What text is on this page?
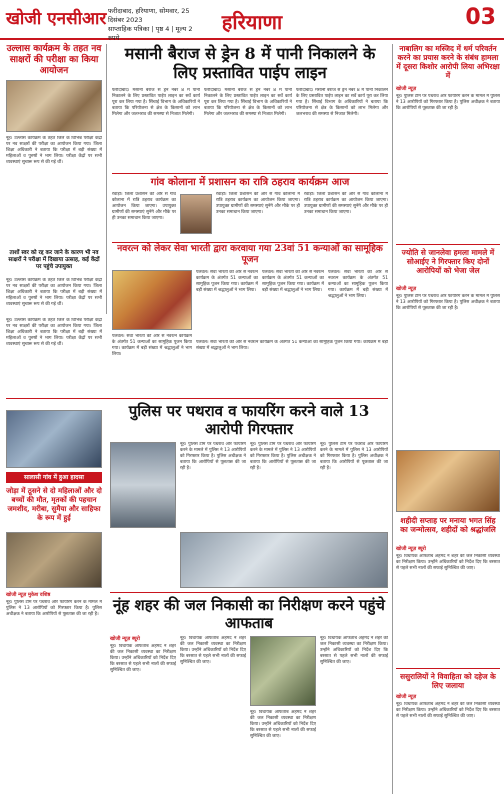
खोजी एनसीआर फरीदाबाद, हरियाणा, सोमवार, 25 दिसंबर 2023
साप्ताहिक पत्रिका | पृष्ठ 4 | मूल्य 2 रुपये
हरियाणा	03
उल्लास कार्यक्रम के तहत नव साक्षरों की परीक्षा का किया आयोजन
नूंह। उल्लास कार्यक्रम के तहत जिले के विभिन्न परीक्षा केंद्रों पर नव साक्षरों की परीक्षा का आयोजन किया गया। जिला शिक्षा अधिकारी ने बताया कि परीक्षा में बड़ी संख्या में महिलाओं व पुरुषों ने भाग लिया। परीक्षा केंद्रों पर सभी व्यवस्थाएं सुचारू रूप से की गई थीं।
ताशों स्वर को रद्द कर जाने के कारण भी नव साक्षरों ने परीक्षा में दिखाया उत्साह, कई केंद्रों पर पहुंचे उपायुक्त
नूंह। उल्लास कार्यक्रम के तहत जिले के विभिन्न परीक्षा केंद्रों पर नव साक्षरों की परीक्षा का आयोजन किया गया। जिला शिक्षा अधिकारी ने बताया कि परीक्षा में बड़ी संख्या में महिलाओं व पुरुषों ने भाग लिया। परीक्षा केंद्रों पर सभी व्यवस्थाएं सुचारू रूप से की गई थीं।
मसानी बैराज से ड्रेन 8 में पानी निकालने के लिए प्रस्तावित पाईप लाइन
फरीदाबाद। मसानी बैराज से ड्रेन नंबर 8 में पानी निकालने के लिए प्रस्तावित पाईप लाइन का सर्वे कार्य पूरा कर लिया गया है। सिंचाई विभाग के अधिकारियों ने बताया कि परियोजना से क्षेत्र के किसानों को लाभ मिलेगा और जलभराव की समस्या से निजात मिलेगी।
फरीदाबाद। मसानी बैराज से ड्रेन नंबर 8 में पानी निकालने के लिए प्रस्तावित पाईप लाइन का सर्वे कार्य पूरा कर लिया गया है। सिंचाई विभाग के अधिकारियों ने बताया कि परियोजना से क्षेत्र के किसानों को लाभ मिलेगा और जलभराव की समस्या से निजात मिलेगी।
फरीदाबाद। मसानी बैराज से ड्रेन नंबर 8 में पानी निकालने के लिए प्रस्तावित पाईप लाइन का सर्वे कार्य पूरा कर लिया गया है। सिंचाई विभाग के अधिकारियों ने बताया कि परियोजना से क्षेत्र के किसानों को लाभ मिलेगा और जलभराव की समस्या से निजात मिलेगी।
गांव कोलाना में प्रशासन का रात्रि ठहराव कार्यक्रम आज
रेवाड़ी। जिला प्रशासन की ओर से गांव कोलाना में रात्रि ठहराव कार्यक्रम का आयोजन किया जाएगा। उपायुक्त ग्रामीणों की समस्याएं सुनेंगे और मौके पर ही उनका समाधान किया जाएगा।
रेवाड़ी। जिला प्रशासन की ओर से गांव कोलाना में रात्रि ठहराव कार्यक्रम का आयोजन किया जाएगा। उपायुक्त ग्रामीणों की समस्याएं सुनेंगे और मौके पर ही उनका समाधान किया जाएगा।
रेवाड़ी। जिला प्रशासन की ओर से गांव कोलाना में रात्रि ठहराव कार्यक्रम का आयोजन किया जाएगा। उपायुक्त ग्रामीणों की समस्याएं सुनेंगे और मौके पर ही उनका समाधान किया जाएगा।
नवरत्न को लेकर सेवा भारती द्वारा करवाया गया 23वां 51 कन्याओं का सामूहिक पूजन
पलवल। सेवा भारती की ओर से नवरत्न कार्यक्रम के अंतर्गत 51 कन्याओं का सामूहिक पूजन किया गया। कार्यक्रम में बड़ी संख्या में श्रद्धालुओं ने भाग लिया।
पलवल। सेवा भारती की ओर से नवरत्न कार्यक्रम के अंतर्गत 51 कन्याओं का सामूहिक पूजन किया गया। कार्यक्रम में बड़ी संख्या में श्रद्धालुओं ने भाग लिया।
पलवल। सेवा भारती की ओर से नवरत्न कार्यक्रम के अंतर्गत 51 कन्याओं का सामूहिक पूजन किया गया। कार्यक्रम में बड़ी संख्या में श्रद्धालुओं ने भाग लिया।
पलवल। सेवा भारती की ओर से नवरत्न कार्यक्रम के अंतर्गत 51 कन्याओं का सामूहिक पूजन किया गया। कार्यक्रम में बड़ी संख्या में श्रद्धालुओं ने भाग लिया।
पलवल। सेवा भारती की ओर से नवरत्न कार्यक्रम के अंतर्गत 51 कन्याओं का सामूहिक पूजन किया गया। कार्यक्रम में बड़ी संख्या में श्रद्धालुओं ने भाग लिया।
नूंह। उल्लास कार्यक्रम के तहत जिले के विभिन्न परीक्षा केंद्रों पर नव साक्षरों की परीक्षा का आयोजन किया गया। जिला शिक्षा अधिकारी ने बताया कि परीक्षा में बड़ी संख्या में महिलाओं व पुरुषों ने भाग लिया। परीक्षा केंद्रों पर सभी व्यवस्थाएं सुचारू रूप से की गई थीं।
पुलिस पर पथराव व फायरिंग करने वाले 13 आरोपी गिरफ्तार
नूंह। पुलिस टीम पर पथराव और फायरिंग करने के मामले में पुलिस ने 13 आरोपियों को गिरफ्तार किया है। पुलिस अधीक्षक ने बताया कि आरोपियों से पूछताछ की जा रही है।
नूंह। पुलिस टीम पर पथराव और फायरिंग करने के मामले में पुलिस ने 13 आरोपियों को गिरफ्तार किया है। पुलिस अधीक्षक ने बताया कि आरोपियों से पूछताछ की जा रही है।
नूंह। पुलिस टीम पर पथराव और फायरिंग करने के मामले में पुलिस ने 13 आरोपियों को गिरफ्तार किया है। पुलिस अधीक्षक ने बताया कि आरोपियों से पूछताछ की जा रही है।
सालासी गांव में हुआ हादसा
जोड़ा में ठूसने से दो महिलाओं और दो बच्चों की मौत, मृतकों की पहचान जमशीद, मरीबा, सुमैया और साहिफा के रूप में हुई
खोजी न्यूज़ मुकेश वशिष्ठ
नूंह। पुलिस टीम पर पथराव और फायरिंग करने के मामले में पुलिस ने 13 आरोपियों को गिरफ्तार किया है। पुलिस अधीक्षक ने बताया कि आरोपियों से पूछताछ की जा रही है।
नूंह शहर की जल निकासी का निरीक्षण करने पहुंचे आफताब
खोजी न्यूज़ ब्यूरो
नूंह। विधायक आफताब अहमद ने शहर की जल निकासी व्यवस्था का निरीक्षण किया। उन्होंने अधिकारियों को निर्देश दिए कि बरसात से पहले सभी नालों की सफाई सुनिश्चित की जाए।
नूंह। विधायक आफताब अहमद ने शहर की जल निकासी व्यवस्था का निरीक्षण किया। उन्होंने अधिकारियों को निर्देश दिए कि बरसात से पहले सभी नालों की सफाई सुनिश्चित की जाए।
नूंह। विधायक आफताब अहमद ने शहर की जल निकासी व्यवस्था का निरीक्षण किया। उन्होंने अधिकारियों को निर्देश दिए कि बरसात से पहले सभी नालों की सफाई सुनिश्चित की जाए।
नूंह। विधायक आफताब अहमद ने शहर की जल निकासी व्यवस्था का निरीक्षण किया। उन्होंने अधिकारियों को निर्देश दिए कि बरसात से पहले सभी नालों की सफाई सुनिश्चित की जाए।
नाबालिग का मस्जिद में धर्म परिवर्तन करने का प्रयास करने के संबंध हामला में दूसरा किशोर आरोपी लिया अभिरक्षा में
खोजी न्यूज़
नूंह। पुलिस टीम पर पथराव और फायरिंग करने के मामले में पुलिस ने 13 आरोपियों को गिरफ्तार किया है। पुलिस अधीक्षक ने बताया कि आरोपियों से पूछताछ की जा रही है।
ज्योति से जानलेवा हमला मामले में सोआईए ने गिरफ्तार किए दोनों आरोपियों को भेजा जेल
खोजी न्यूज़
नूंह। पुलिस टीम पर पथराव और फायरिंग करने के मामले में पुलिस ने 13 आरोपियों को गिरफ्तार किया है। पुलिस अधीक्षक ने बताया कि आरोपियों से पूछताछ की जा रही है।
शहीदी सप्ताह पर मनाया भगत सिंह का जन्मोत्सव, शहीदों को श्रद्धांजलि
खोजी न्यूज़ ब्यूरो
नूंह। विधायक आफताब अहमद ने शहर की जल निकासी व्यवस्था का निरीक्षण किया। उन्होंने अधिकारियों को निर्देश दिए कि बरसात से पहले सभी नालों की सफाई सुनिश्चित की जाए।
ससुरालियों ने विवाहिता को दहेज के लिए जलाया
खोजी न्यूज़
नूंह। विधायक आफताब अहमद ने शहर की जल निकासी व्यवस्था का निरीक्षण किया। उन्होंने अधिकारियों को निर्देश दिए कि बरसात से पहले सभी नालों की सफाई सुनिश्चित की जाए।
